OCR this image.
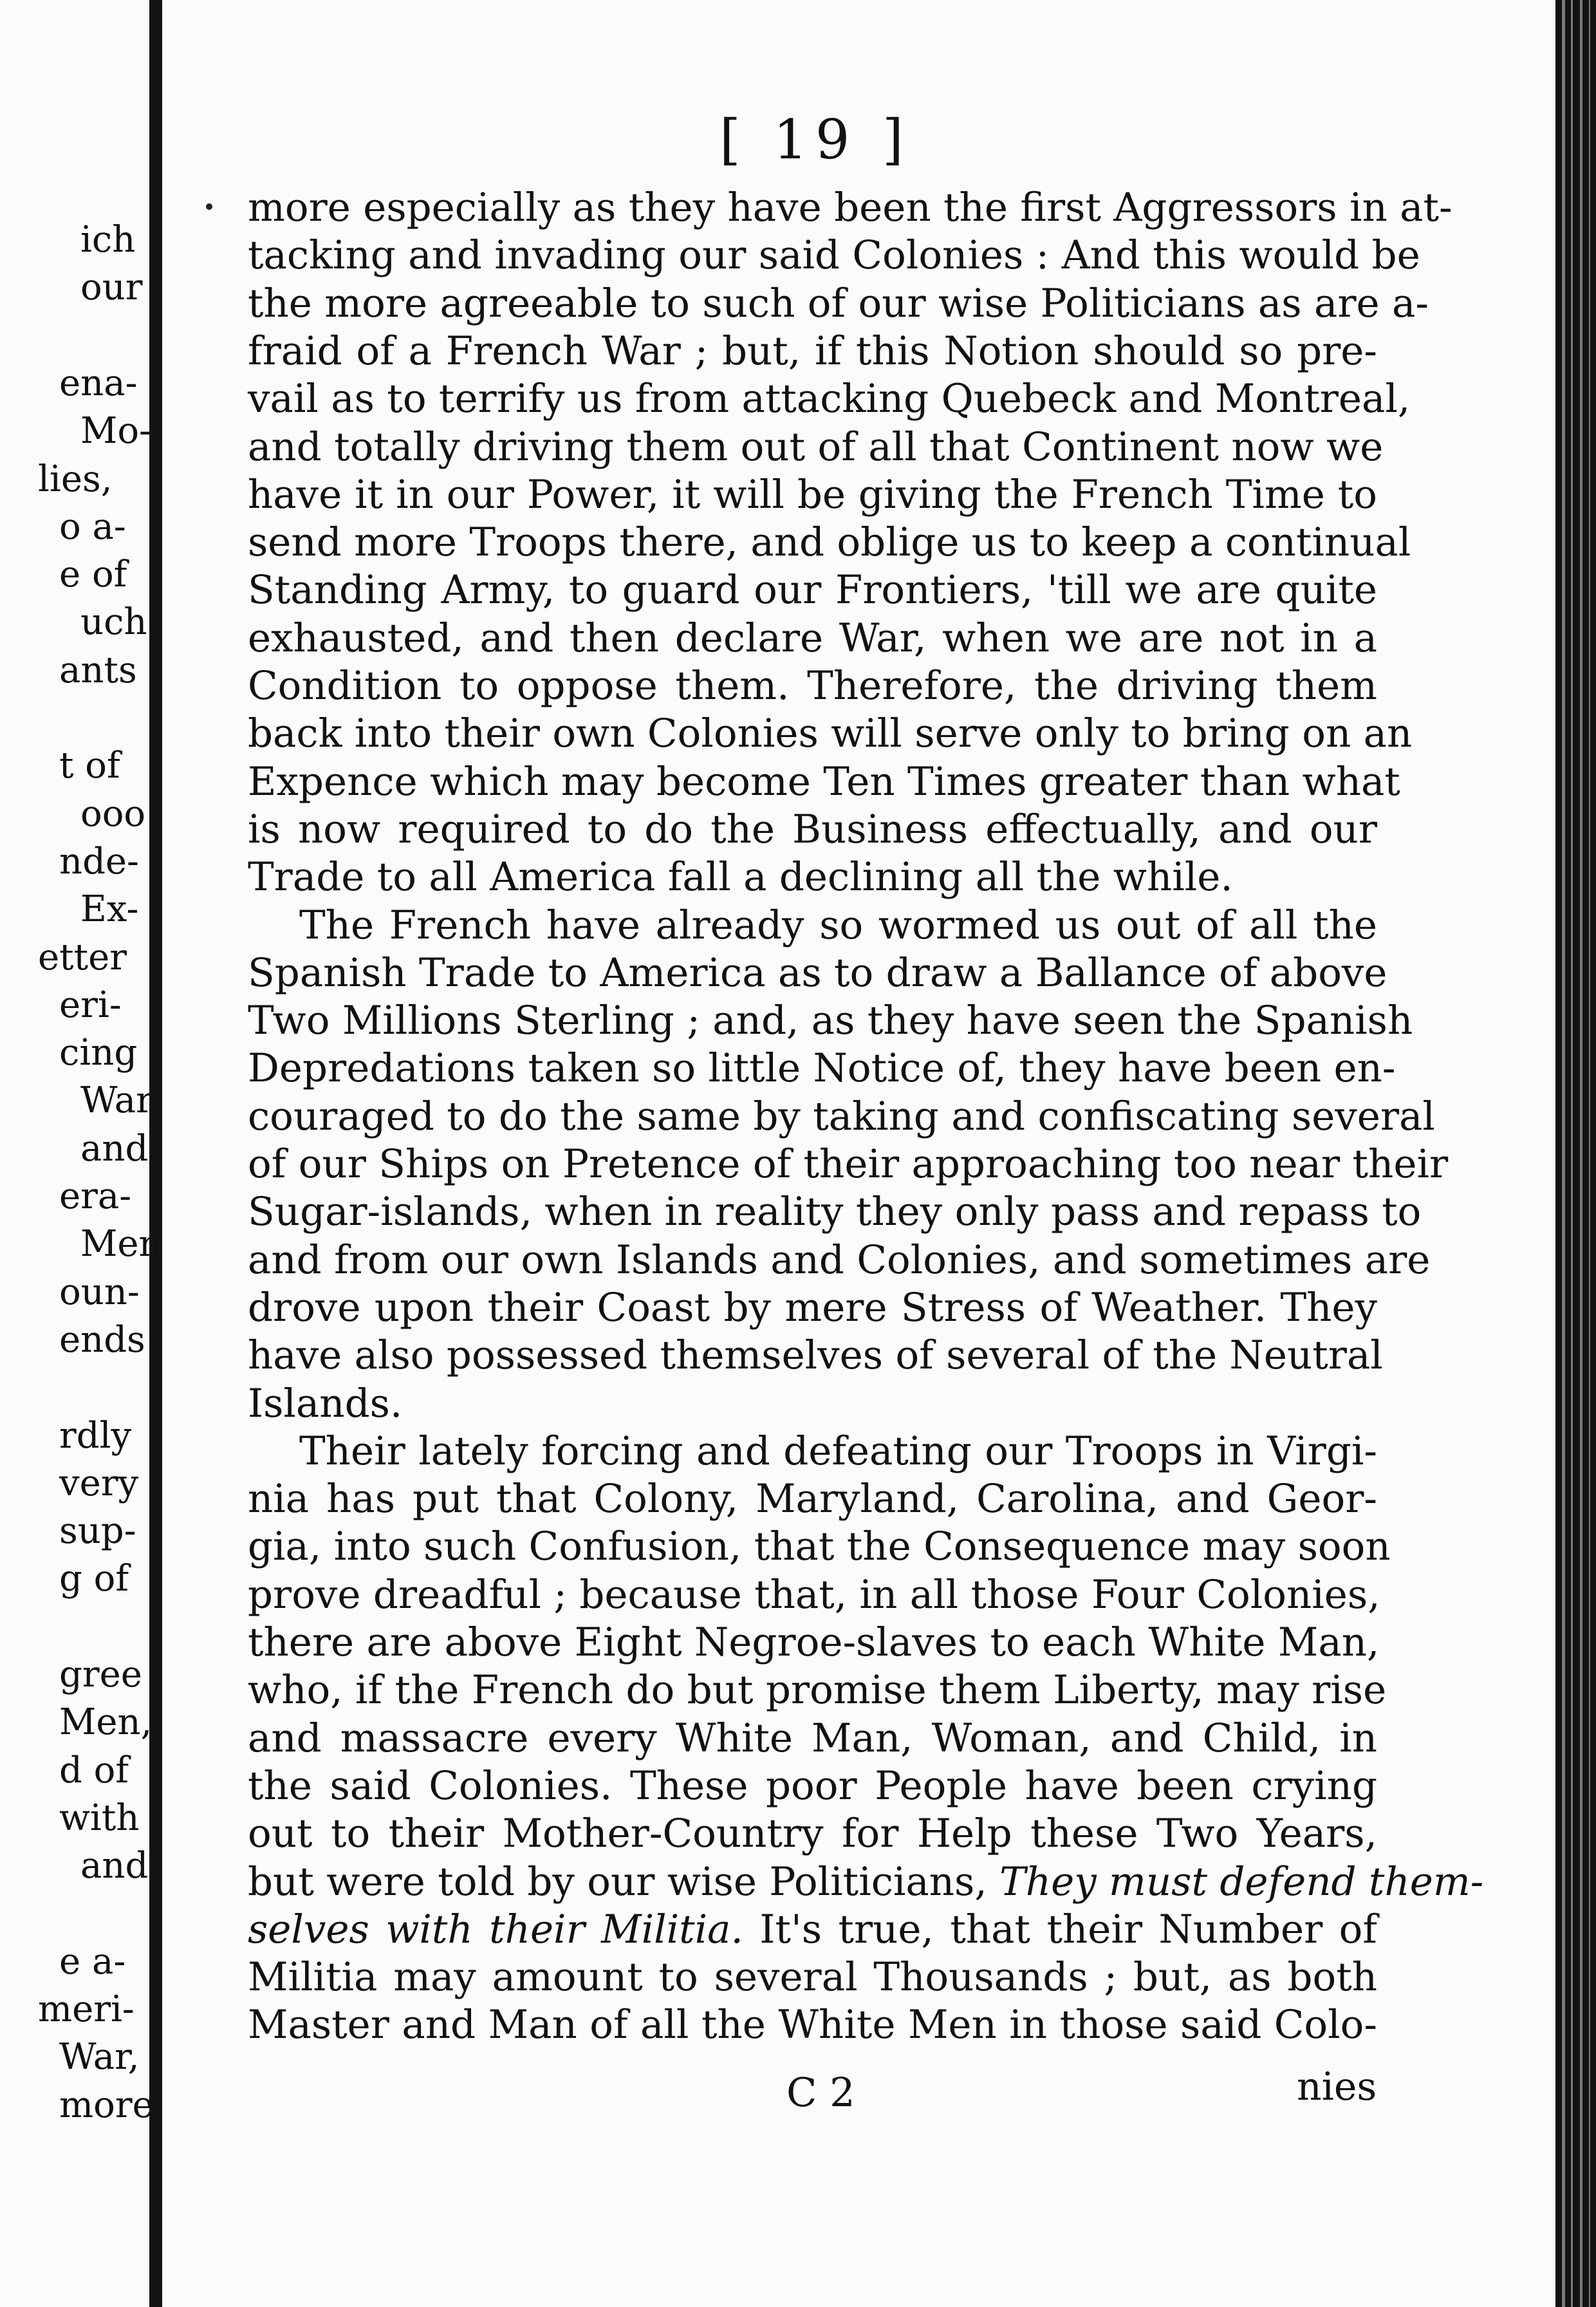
[ 19 ]
ich
our
ena-
Mo-
lies,
o a-
e of
uch
ants
t of
ooo
nde-
Ex-
etter
eri-
cing
War
and
era-
Men
oun-
ends
rdly
very
sup-
g of
gree
Men,
d of
with
and
e a-
meri-
War,
more
more especially as they have been the first Aggressors in at-
tacking and invading our said Colonies : And this would be
the more agreeable to such of our wise Politicians as are a-
fraid of a French War ; but, if this Notion should so pre-
vail as to terrify us from attacking Quebeck and Montreal,
and totally driving them out of all that Continent now we
have it in our Power, it will be giving the French Time to
send more Troops there, and oblige us to keep a continual
Standing Army, to guard our Frontiers, 'till we are quite
exhausted, and then declare War, when we are not in a
Condition to oppose them. Therefore, the driving them
back into their own Colonies will serve only to bring on an
Expence which may become Ten Times greater than what
is now required to do the Business effectually, and our
Trade to all America fall a declining all the while.
The French have already so wormed us out of all the
Spanish Trade to America as to draw a Ballance of above
Two Millions Sterling ; and, as they have seen the Spanish
Depredations taken so little Notice of, they have been en-
couraged to do the same by taking and confiscating several
of our Ships on Pretence of their approaching too near their
Sugar-islands, when in reality they only pass and repass to
and from our own Islands and Colonies, and sometimes are
drove upon their Coast by mere Stress of Weather. They
have also possessed themselves of several of the Neutral
Islands.
Their lately forcing and defeating our Troops in Virgi-
nia has put that Colony, Maryland, Carolina, and Geor-
gia, into such Confusion, that the Consequence may soon
prove dreadful ; because that, in all those Four Colonies,
there are above Eight Negroe-slaves to each White Man,
who, if the French do but promise them Liberty, may rise
and massacre every White Man, Woman, and Child, in
the said Colonies. These poor People have been crying
out to their Mother-Country for Help these Two Years,
but were told by our wise Politicians, They must defend them-
selves with their Militia. It's true, that their Number of
Militia may amount to several Thousands ; but, as both
Master and Man of all the White Men in those said Colo-
C 2	nies
